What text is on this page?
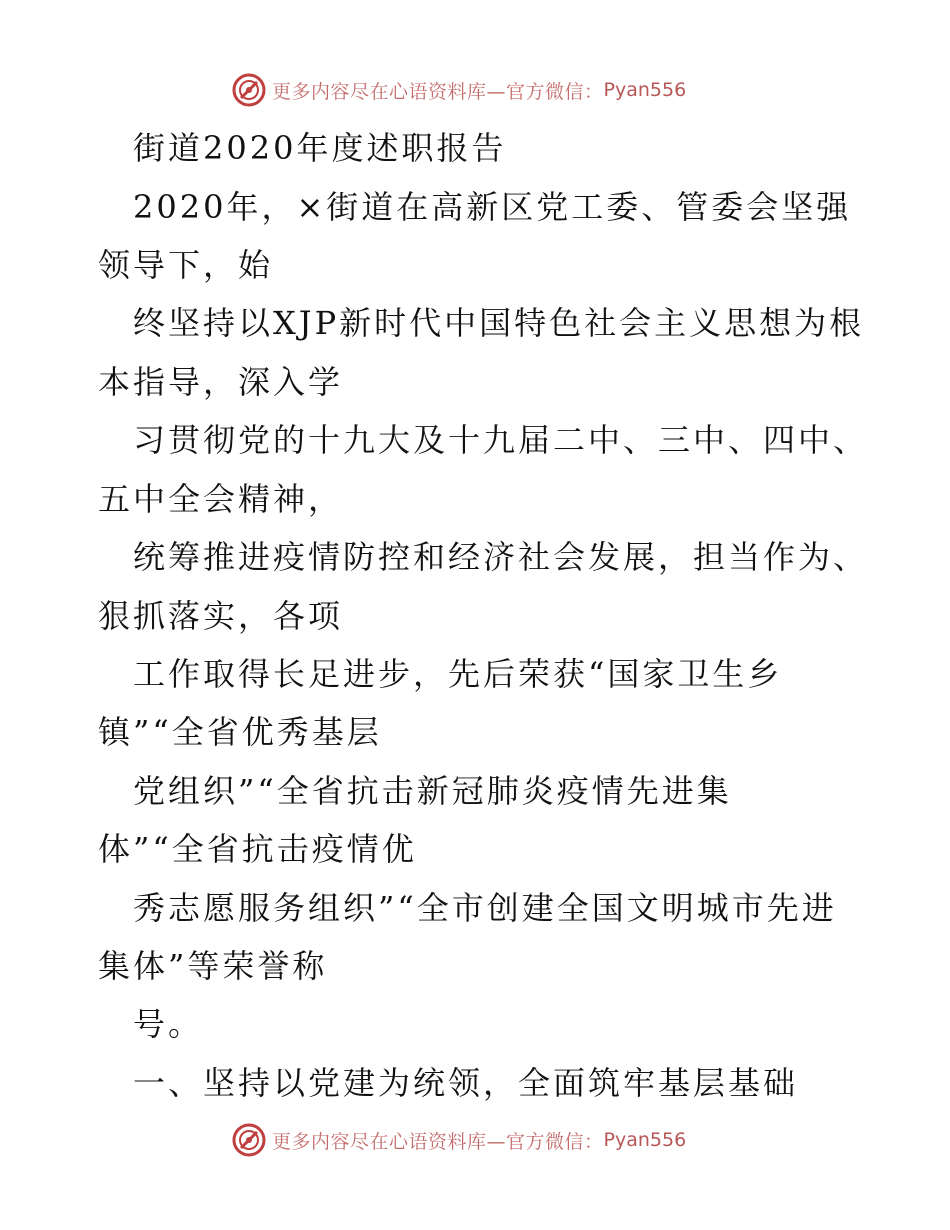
更多内容尽在心语资料库—官方微信： Pyan556
街道2020年度述职报告
2020年，×街道在高新区党工委、管委会坚强
领导下，始
终坚持以XJP新时代中国特色社会主义思想为根
本指导，深入学
习贯彻党的十九大及十九届二中、三中、四中、
五中全会精神，
统筹推进疫情防控和经济社会发展，担当作为、
狠抓落实，各项
工作取得长足进步，先后荣获“国家卫生乡
镇”“全省优秀基层
党组织”“全省抗击新冠肺炎疫情先进集
体”“全省抗击疫情优
秀志愿服务组织”“全市创建全国文明城市先进
集体”等荣誉称
号。
一、坚持以党建为统领，全面筑牢基层基础
更多内容尽在心语资料库—官方微信： Pyan556
